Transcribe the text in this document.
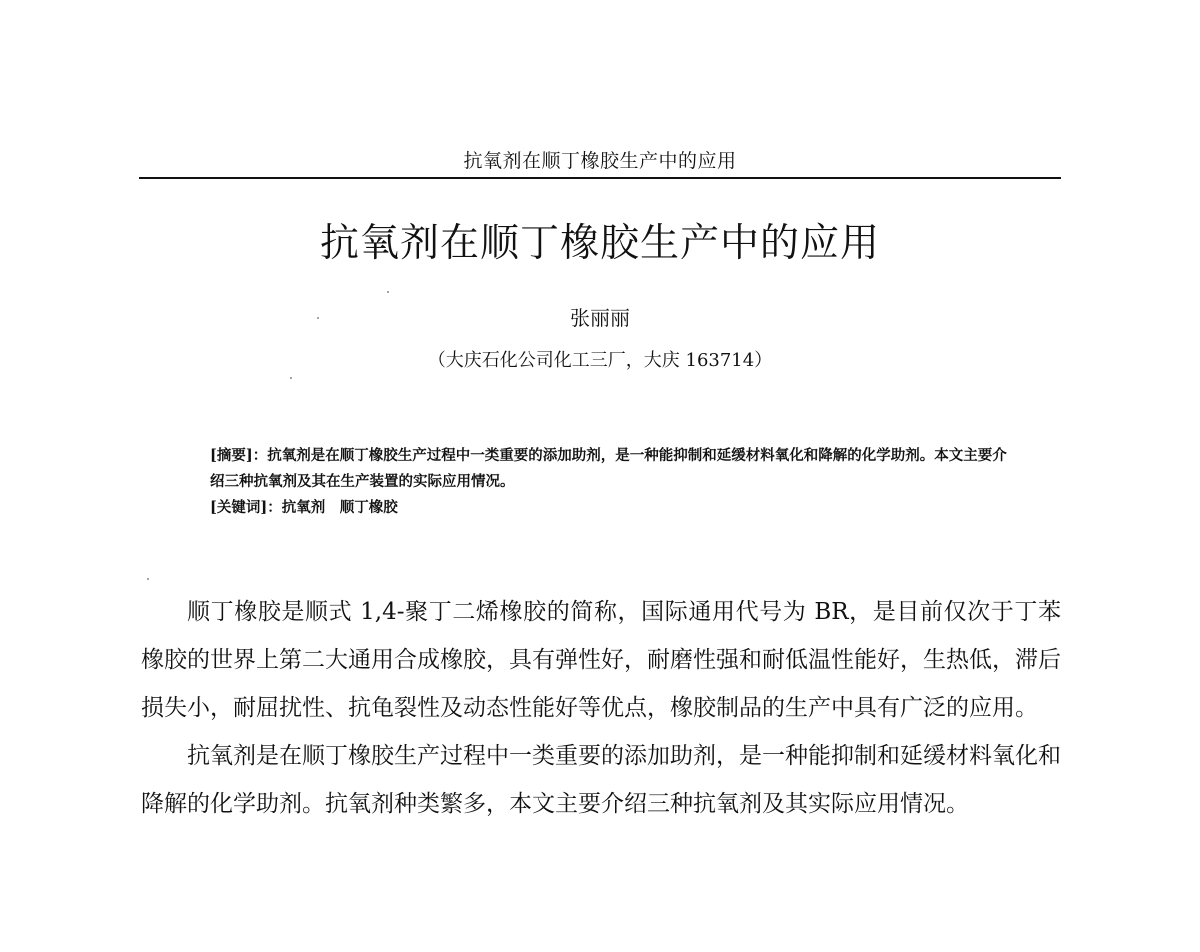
抗氧剂在顺丁橡胶生产中的应用
抗氧剂在顺丁橡胶生产中的应用
张丽丽
（大庆石化公司化工三厂，大庆 163714）

[摘要]：抗氧剂是在顺丁橡胶生产过程中一类重要的添加助剂，是一种能抑制和延缓材料氧化和降解的化学助剂。本文主要介绍三种抗氧剂及其在生产装置的实际应用情况。

[关键词]：抗氧剂　顺丁橡胶

顺丁橡胶是顺式 1,4-聚丁二烯橡胶的简称，国际通用代号为 BR，是目前仅次于丁苯橡胶的世界上第二大通用合成橡胶，具有弹性好，耐磨性强和耐低温性能好，生热低，滞后损失小，耐屈扰性、抗龟裂性及动态性能好等优点，橡胶制品的生产中具有广泛的应用。

抗氧剂是在顺丁橡胶生产过程中一类重要的添加助剂，是一种能抑制和延缓材料氧化和降解的化学助剂。抗氧剂种类繁多，本文主要介绍三种抗氧剂及其实际应用情况。
